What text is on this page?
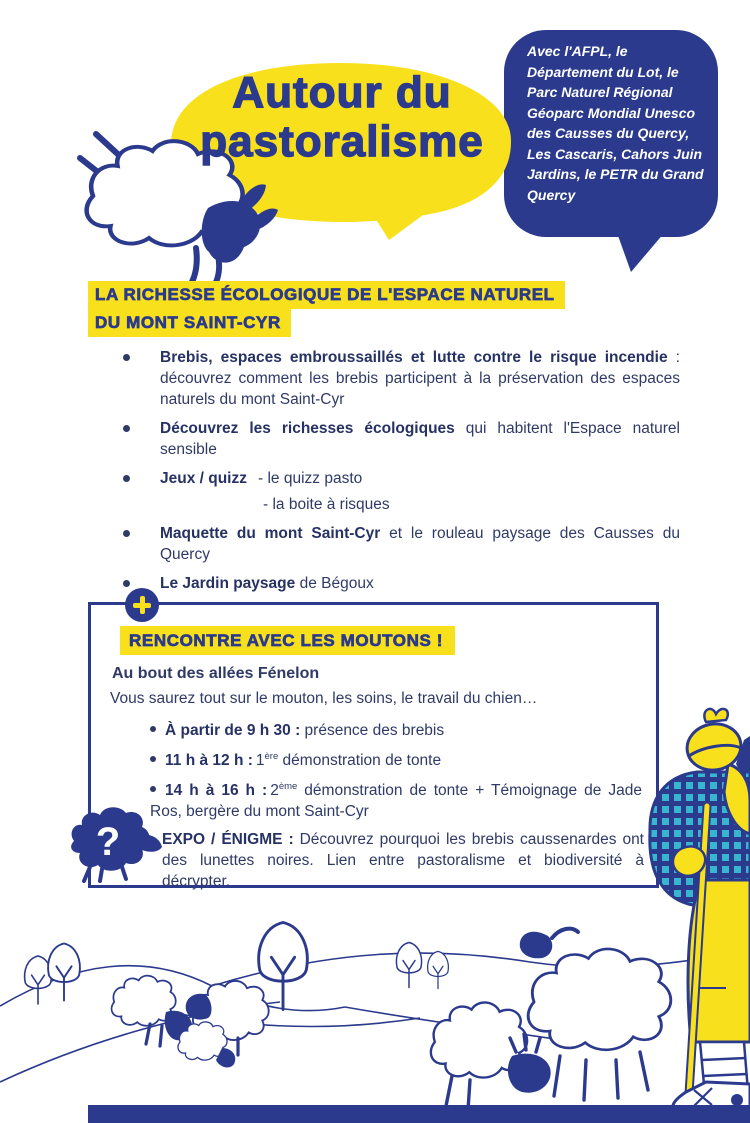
Autour du
pastoralisme
Avec l'AFPL, le
Département du Lot, le
Parc Naturel Régional
Géoparc Mondial Unesco
des Causses du Quercy,
Les Cascaris, Cahors Juin
Jardins, le PETR du Grand
Quercy
LA RICHESSE ÉCOLOGIQUE DE L'ESPACE NATUREL
DU MONT SAINT-CYR
Brebis, espaces embroussaillés et lutte contre le risque incendie : découvrez comment les brebis participent à la préservation des espaces naturels du mont Saint-Cyr
Découvrez les richesses écologiques qui habitent l'Espace naturel sensible
Jeux / quizz - le quizz pasto
- la boite à risques
Maquette du mont Saint-Cyr et le rouleau paysage des Causses du Quercy
Le Jardin paysage de Bégoux
RENCONTRE AVEC LES MOUTONS !
Au bout des allées Fénelon
Vous saurez tout sur le mouton, les soins, le travail du chien…
À partir de 9 h 30 : présence des brebis
11 h à 12 h : 1ère démonstration de tonte
14 h à 16 h : 2ème démonstration de tonte + Témoignage de Jade Ros, bergère du mont Saint-Cyr
EXPO / ÉNIGME : Découvrez pourquoi les brebis caussenardes ont des lunettes noires. Lien entre pastoralisme et biodiversité à décrypter.
?
